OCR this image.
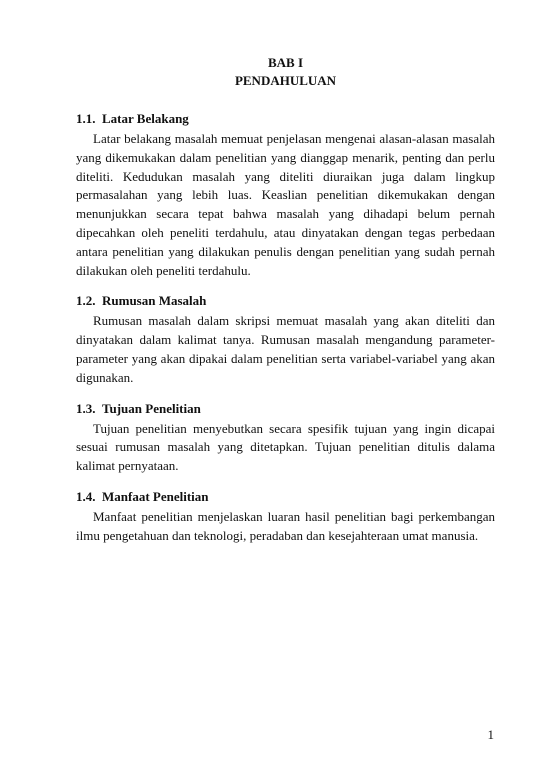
BAB I

PENDAHULUAN

1.1. Latar Belakang

Latar belakang masalah memuat penjelasan mengenai alasan-alasan masalah yang dikemukakan dalam penelitian yang dianggap menarik, penting dan perlu diteliti. Kedudukan masalah yang diteliti diuraikan juga dalam lingkup permasalahan yang lebih luas. Keaslian penelitian dikemukakan dengan menunjukkan secara tepat bahwa masalah yang dihadapi belum pernah dipecahkan oleh peneliti terdahulu, atau dinyatakan dengan tegas perbedaan antara penelitian yang dilakukan penulis dengan penelitian yang sudah pernah dilakukan oleh peneliti terdahulu.

1.2. Rumusan Masalah

Rumusan masalah dalam skripsi memuat masalah yang akan diteliti dan dinyatakan dalam kalimat tanya. Rumusan masalah mengandung parameter-parameter yang akan dipakai dalam penelitian serta variabel-variabel yang akan digunakan.

1.3. Tujuan Penelitian

Tujuan penelitian menyebutkan secara spesifik tujuan yang ingin dicapai sesuai rumusan masalah yang ditetapkan. Tujuan penelitian ditulis dalama kalimat pernyataan.

1.4. Manfaat Penelitian

Manfaat penelitian menjelaskan luaran hasil penelitian bagi perkembangan ilmu pengetahuan dan teknologi, peradaban dan kesejahteraan umat manusia.

1
